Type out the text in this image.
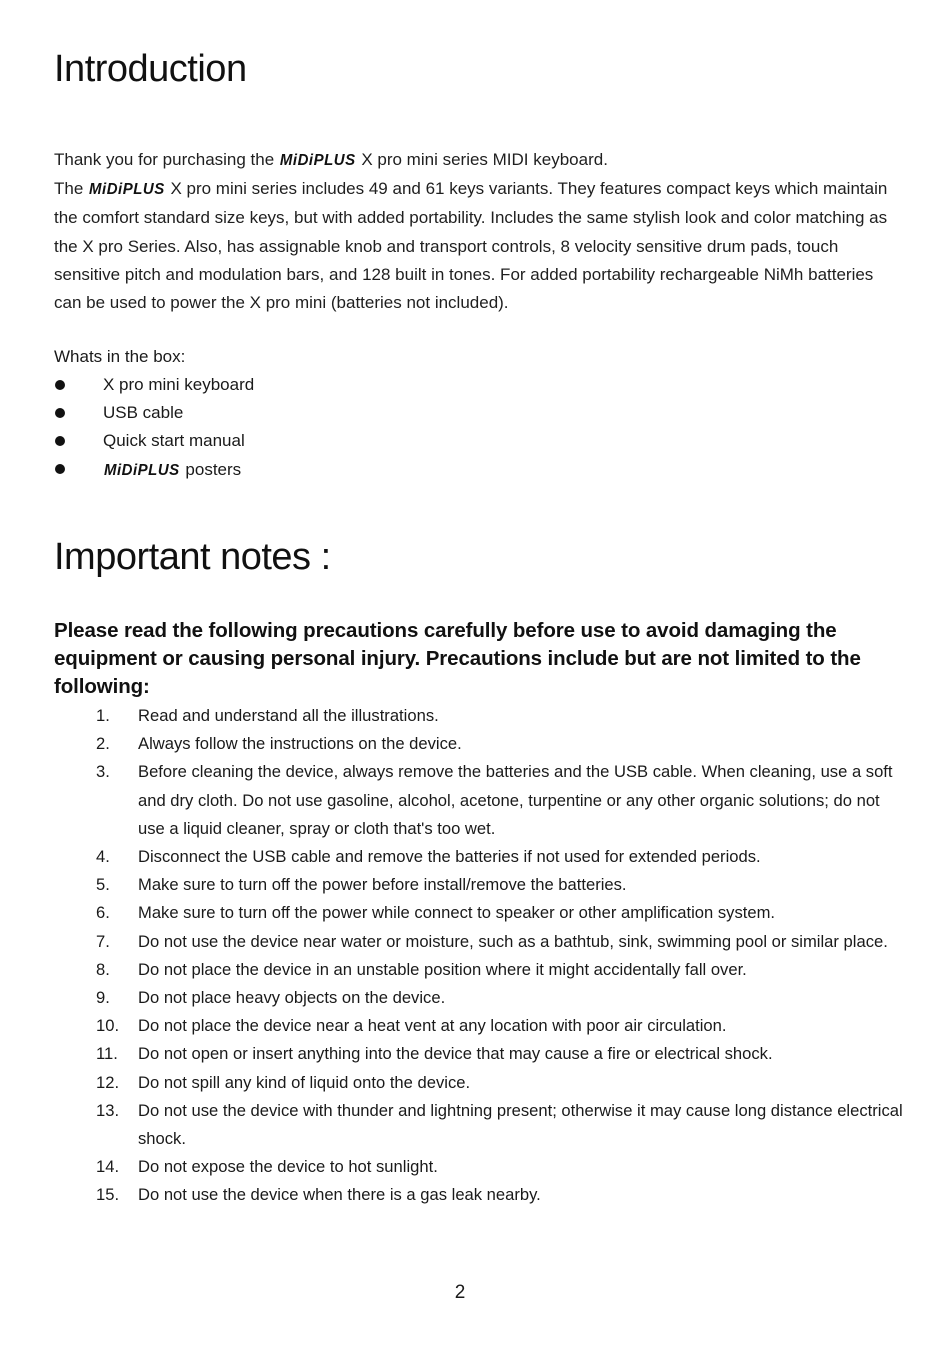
Introduction

Thank you for purchasing the MiDiPLUS X pro mini series MIDI keyboard.
The MiDiPLUS X pro mini series includes 49 and 61 keys variants. They features compact keys which maintain the comfort standard size keys, but with added portability. Includes the same stylish look and color matching as the X pro Series. Also, has assignable knob and transport controls, 8 velocity sensitive drum pads, touch sensitive pitch and modulation bars, and 128 built in tones. For added portability rechargeable NiMh batteries can be used to power the X pro mini (batteries not included).

Whats in the box:

X pro mini keyboard
USB cable
Quick start manual
MiDiPLUS posters
Important notes :

Please read the following precautions carefully before use to avoid damaging the equipment or causing personal injury. Precautions include but are not limited to the following:

1. Read and understand all the illustrations.
2. Always follow the instructions on the device.
3. Before cleaning the device, always remove the batteries and the USB cable. When cleaning, use a soft and dry cloth. Do not use gasoline, alcohol, acetone, turpentine or any other organic solutions; do not use a liquid cleaner, spray or cloth that's too wet.
4. Disconnect the USB cable and remove the batteries if not used for extended periods.
5. Make sure to turn off the power before install/remove the batteries.
6. Make sure to turn off the power while connect to speaker or other amplification system.
7. Do not use the device near water or moisture, such as a bathtub, sink, swimming pool or similar place.
8. Do not place the device in an unstable position where it might accidentally fall over.
9. Do not place heavy objects on the device.
10. Do not place the device near a heat vent at any location with poor air circulation.
11. Do not open or insert anything into the device that may cause a fire or electrical shock.
12. Do not spill any kind of liquid onto the device.
13. Do not use the device with thunder and lightning present; otherwise it may cause long distance electrical shock.
14. Do not expose the device to hot sunlight.
15. Do not use the device when there is a gas leak nearby.

2
